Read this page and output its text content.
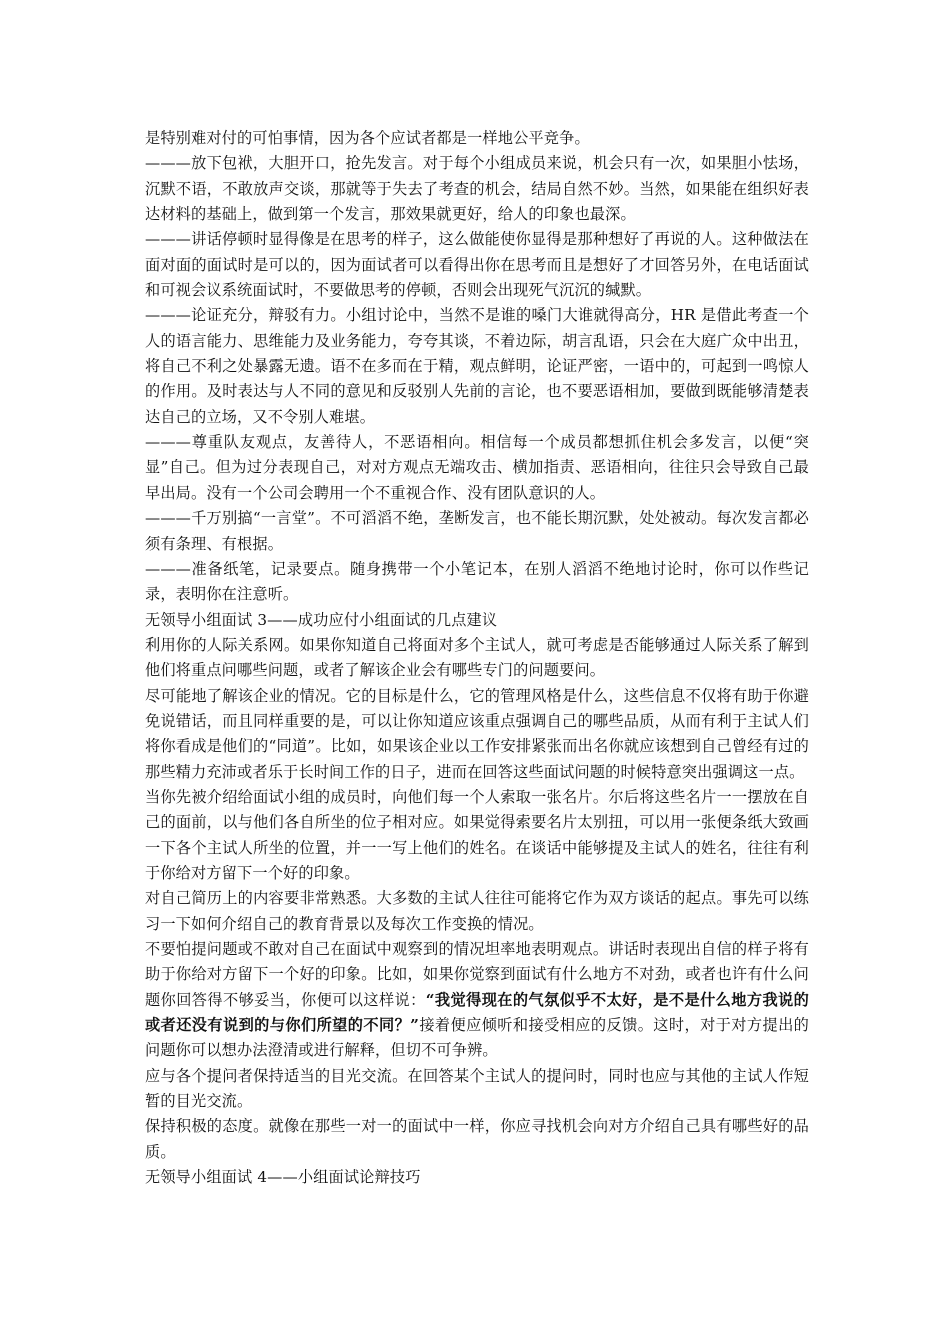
是特别难对付的可怕事情，因为各个应试者都是一样地公平竞争。

———放下包袱，大胆开口，抢先发言。对于每个小组成员来说，机会只有一次，如果胆小怯场，沉默不语，不敢放声交谈，那就等于失去了考查的机会，结局自然不妙。当然，如果能在组织好表达材料的基础上，做到第一个发言，那效果就更好，给人的印象也最深。

———讲话停顿时显得像是在思考的样子，这么做能使你显得是那种想好了再说的人。这种做法在面对面的面试时是可以的，因为面试者可以看得出你在思考而且是想好了才回答另外，在电话面试和可视会议系统面试时，不要做思考的停顿，否则会出现死气沉沉的缄默。

———论证充分，辩驳有力。小组讨论中，当然不是谁的嗓门大谁就得高分，HR 是借此考查一个人的语言能力、思维能力及业务能力，夸夸其谈，不着边际，胡言乱语，只会在大庭广众中出丑，将自己不利之处暴露无遗。语不在多而在于精，观点鲜明，论证严密，一语中的，可起到一鸣惊人的作用。及时表达与人不同的意见和反驳别人先前的言论，也不要恶语相加，要做到既能够清楚表达自己的立场，又不令别人难堪。

———尊重队友观点，友善待人，不恶语相向。相信每一个成员都想抓住机会多发言，以便“突显”自己。但为过分表现自己，对对方观点无端攻击、横加指责、恶语相向，往往只会导致自己最早出局。没有一个公司会聘用一个不重视合作、没有团队意识的人。

———千万别搞“一言堂”。不可滔滔不绝，垄断发言，也不能长期沉默，处处被动。每次发言都必须有条理、有根据。

———准备纸笔，记录要点。随身携带一个小笔记本，在别人滔滔不绝地讨论时，你可以作些记录，表明你在注意听。

无领导小组面试 3——成功应付小组面试的几点建议

利用你的人际关系网。如果你知道自己将面对多个主试人，就可考虑是否能够通过人际关系了解到他们将重点问哪些问题，或者了解该企业会有哪些专门的问题要问。

尽可能地了解该企业的情况。它的目标是什么，它的管理风格是什么，这些信息不仅将有助于你避免说错话，而且同样重要的是，可以让你知道应该重点强调自己的哪些品质，从而有利于主试人们将你看成是他们的“同道”。比如，如果该企业以工作安排紧张而出名你就应该想到自己曾经有过的那些精力充沛或者乐于长时间工作的日子，进而在回答这些面试问题的时候特意突出强调这一点。

当你先被介绍给面试小组的成员时，向他们每一个人索取一张名片。尔后将这些名片一一摆放在自己的面前，以与他们各自所坐的位子相对应。如果觉得索要名片太别扭，可以用一张便条纸大致画一下各个主试人所坐的位置，并一一写上他们的姓名。在谈话中能够提及主试人的姓名，往往有利于你给对方留下一个好的印象。

对自己简历上的内容要非常熟悉。大多数的主试人往往可能将它作为双方谈话的起点。事先可以练习一下如何介绍自己的教育背景以及每次工作变换的情况。

不要怕提问题或不敢对自己在面试中观察到的情况坦率地表明观点。讲话时表现出自信的样子将有助于你给对方留下一个好的印象。比如，如果你觉察到面试有什么地方不对劲，或者也许有什么问题你回答得不够妥当，你便可以这样说：“我觉得现在的气氛似乎不太好，是不是什么地方我说的或者还没有说到的与你们所望的不同？”接着便应倾听和接受相应的反馈。这时，对于对方提出的问题你可以想办法澄清或进行解释，但切不可争辨。

应与各个提问者保持适当的目光交流。在回答某个主试人的提问时，同时也应与其他的主试人作短暂的目光交流。

保持积极的态度。就像在那些一对一的面试中一样，你应寻找机会向对方介绍自己具有哪些好的品质。

无领导小组面试 4——小组面试论辩技巧
